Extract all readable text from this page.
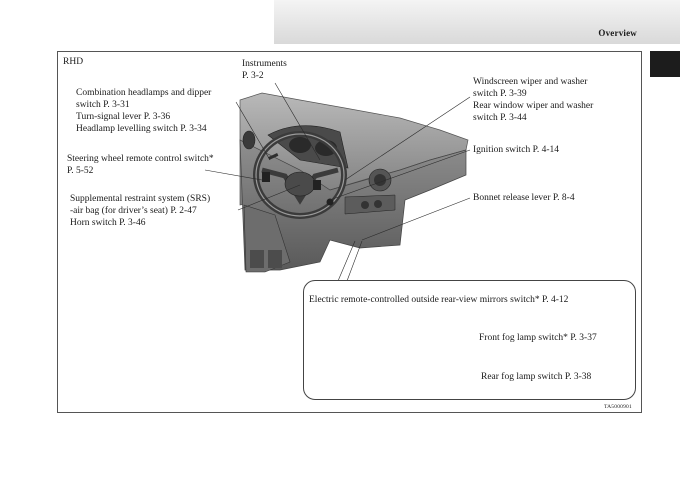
Overview
RHD	Instruments
P. 3-2
Combination headlamps and dipper
switch P. 3-31
Turn-signal lever P. 3-36
Headlamp levelling switch P. 3-34
Steering wheel remote control switch*
P. 5-52
Supplemental restraint system (SRS)
-air bag (for driver’s seat) P. 2-47
Horn switch P. 3-46
Windscreen wiper and washer
switch P. 3-39
Rear window wiper and washer
switch P. 3-44
Ignition switch P. 4-14
Bonnet release lever P. 8-4
Electric remote-controlled outside rear-view mirrors switch* P. 4-12
Front fog lamp switch* P. 3-37
Rear fog lamp switch P. 3-38
TA5000901
